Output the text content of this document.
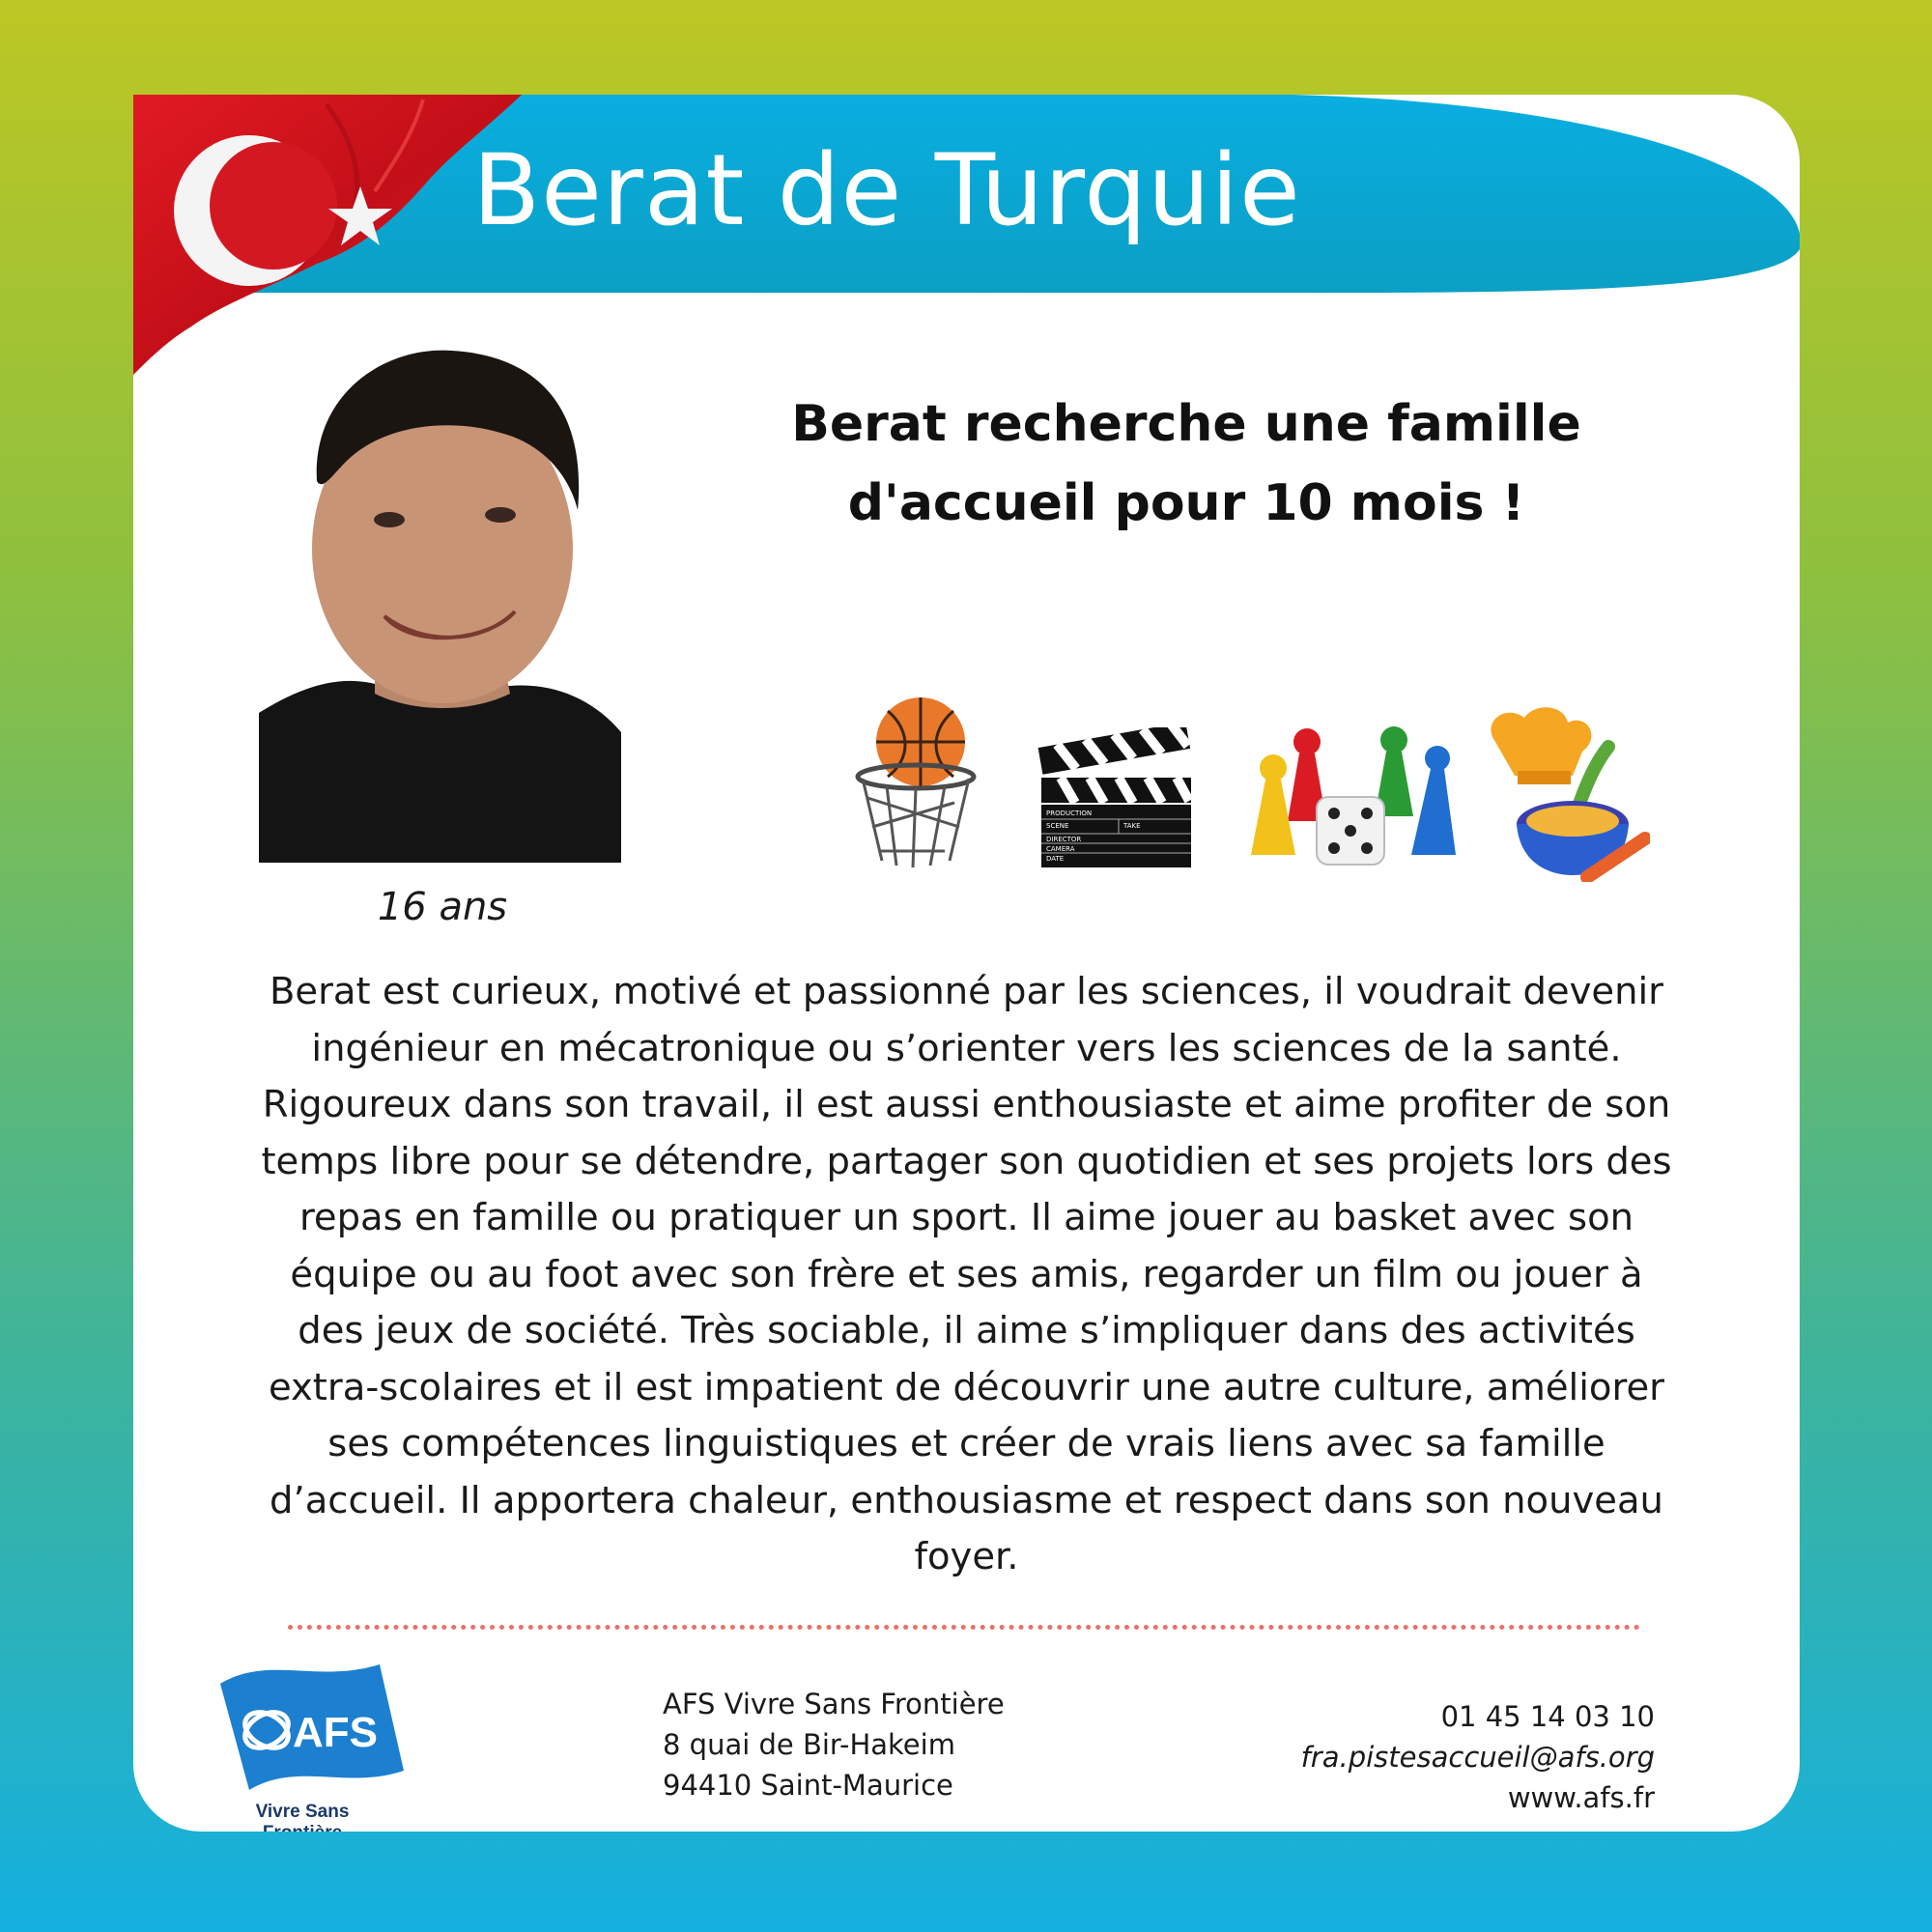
Berat de Turquie

16 ans

Berat recherche une famille
d'accueil pour 10 mois !
PRODUCTION
SCENE	TAKE
DIRECTOR
CAMERA
DATE

Berat est curieux, motivé et passionné par les sciences, il voudrait devenir
ingénieur en mécatronique ou s’orienter vers les sciences de la santé.
Rigoureux dans son travail, il est aussi enthousiaste et aime profiter de son
temps libre pour se détendre, partager son quotidien et ses projets lors des
repas en famille ou pratiquer un sport. Il aime jouer au basket avec son
équipe ou au foot avec son frère et ses amis, regarder un film ou jouer à
des jeux de société. Très sociable, il aime s’impliquer dans des activités
extra-scolaires et il est impatient de découvrir une autre culture, améliorer
ses compétences linguistiques et créer de vrais liens avec sa famille
d’accueil. Il apportera chaleur, enthousiasme et respect dans son nouveau
foyer.

AFS
Vivre Sans
Frontière

AFS Vivre Sans Frontière
8 quai de Bir-Hakeim
94410 Saint-Maurice

01 45 14 03 10
fra.pistesaccueil@afs.org
www.afs.fr
